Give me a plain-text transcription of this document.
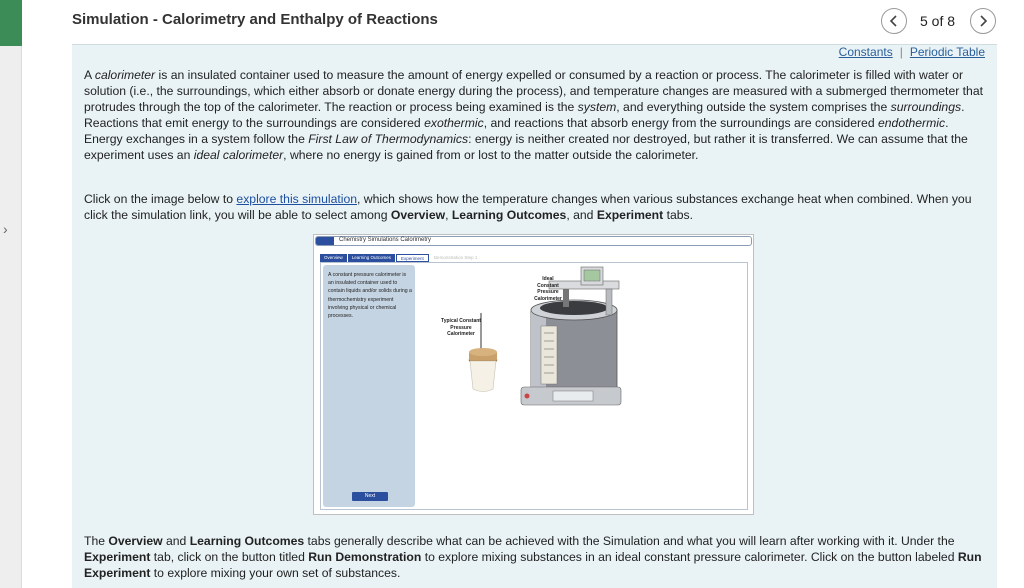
›
Simulation - Calorimetry and Enthalpy of Reactions	5 of 8
Constants | Periodic Table

A calorimeter is an insulated container used to measure the amount of energy expelled or consumed by a reaction or process. The calorimeter is filled with water or solution (i.e., the surroundings, which either absorb or donate energy during the process), and temperature changes are measured with a submerged thermometer that protrudes through the top of the calorimeter. The reaction or process being examined is the system, and everything outside the system comprises the surroundings. Reactions that emit energy to the surroundings are considered exothermic, and reactions that absorb energy from the surroundings are considered endothermic. Energy exchanges in a system follow the First Law of Thermodynamics: energy is neither created nor destroyed, but rather it is transferred. We can assume that the experiment uses an ideal calorimeter, where no energy is gained from or lost to the matter outside the calorimeter.

Click on the image below to explore this simulation, which shows how the temperature changes when various substances exchange heat when combined. When you click the simulation link, you will be able to select among Overview, Learning Outcomes, and Experiment tabs.

Chemistry Simulations Calorimetry
Overview	Learning Outcomes	Experiment	Demonstration Step 1
A constant pressure calorimeter is an insulated container used to contain liquids and/or solids during a thermochemistry experiment involving physical or chemical processes.
Next
Typical Constant Pressure Calorimeter
Ideal Constant Pressure Calorimeter

The Overview and Learning Outcomes tabs generally describe what can be achieved with the Simulation and what you will learn after working with it. Under the Experiment tab, click on the button titled Run Demonstration to explore mixing substances in an ideal constant pressure calorimeter. Click on the button labeled Run Experiment to explore mixing your own set of substances.
